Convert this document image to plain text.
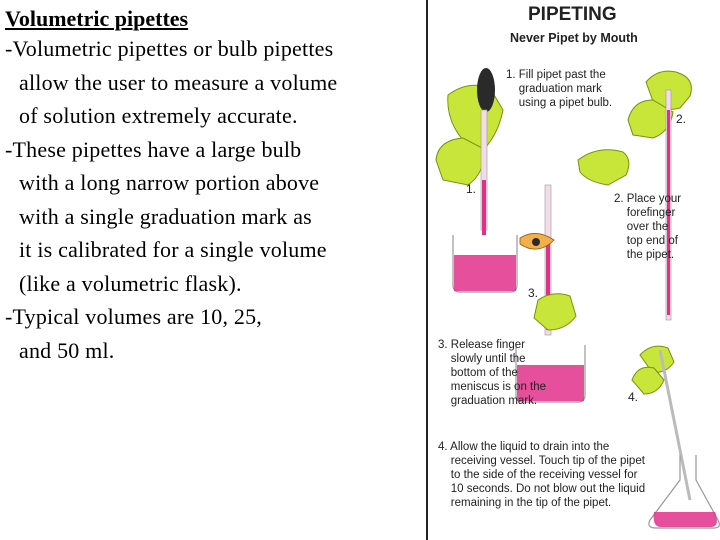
Volumetric pipettes

-Volumetric pipettes or bulb pipettes

allow the user to measure a volume

of solution extremely accurate.

-These pipettes have a large bulb

with a long narrow portion above

with a single graduation mark as

it is calibrated for a single volume

(like a volumetric flask).

-Typical volumes are 10, 25,

and 50 ml.

PIPETING
Never Pipet by Mouth
1. Fill pipet past the
graduation mark
using a pipet bulb.
2.
1.
2. Place your
forefinger
over the
top end of
the pipet.
3.
3. Release finger
slowly until the
bottom of the
meniscus is on the
graduation mark.	4.
4. Allow the liquid to drain into the
receiving vessel. Touch tip of the pipet
to the side of the receiving vessel for
10 seconds. Do not blow out the liquid
remaining in the tip of the pipet.
